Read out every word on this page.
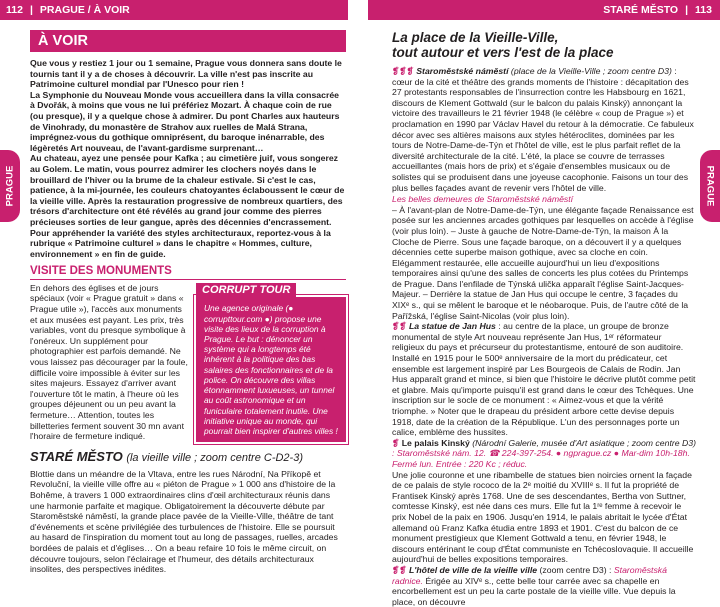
112 | PRAGUE / À VOIR	STARÉ MĚSTO | 113
PRAGUE	PRAGUE
À VOIR

Que vous y restiez 1 jour ou 1 semaine, Prague vous donnera sans doute le tournis tant il y a de choses à découvrir. La ville n'est pas inscrite au Patrimoine culturel mondial par l'Unesco pour rien !

La Symphonie du Nouveau Monde vous accueillera dans la villa consacrée à Dvořák, à moins que vous ne lui préfériez Mozart. À chaque coin de rue (ou presque), il y a quelque chose à admirer. Du pont Charles aux hauteurs de Vinohrady, du monastère de Strahov aux ruelles de Malá Strana, imprégnez-vous du gothique omniprésent, du baroque inénarrable, des légèretés Art nouveau, de l'avant-gardisme surprenant…

Au chateau, ayez une pensée pour Kafka ; au cimetière juif, vous songerez au Golem. Le matin, vous pourrez admirer les clochers noyés dans le brouillard de l'hiver ou la brume de la chaleur estivale. Si c'est le cas, patience, à la mi-journée, les couleurs chatoyantes éclaboussent le cœur de la vieille ville. Après la restauration progressive de nombreux quartiers, des trésors d'architecture ont été révélés au grand jour comme des pierres précieuses sorties de leur gangue, après des décennies d'encrassement. Pour appréhender la variété des styles architecturaux, reportez-vous à la rubrique « Patrimoine culturel » dans le chapitre « Hommes, culture, environnement » en fin de guide.

VISITE DES MONUMENTS
CORRUPT TOUR
Une agence originale (● corrupttour.com ●) propose une visite des lieux de la corruption à Prague. Le but : dénoncer un système qui a longtemps été inhérent à la politique des bas salaires des fonctionnaires et de la police. On découvre des villas étonnamment luxueuses, un tunnel au coût astronomique et un funiculaire totalement inutile. Une initiative unique au monde, qui pourrait bien inspirer d'autres villes !

En dehors des églises et de jours spéciaux (voir « Prague gratuit » dans « Prague utile »), l'accès aux monuments et aux musées est payant. Les prix, très variables, vont du presque symbolique à l'onéreux. Un supplément pour photographier est parfois demandé. Ne vous laissez pas décourager par la foule, difficile voire impossible à éviter sur les sites majeurs. Essayez d'arriver avant l'ouverture tôt le matin, à l'heure où les groupes déjeunent ou un peu avant la fermeture… Attention, toutes les billetteries ferment souvent 30 mn avant l'horaire de fermeture indiqué.

STARÉ MĚSTO (la vieille ville ; zoom centre C-D2-3)

Blottie dans un méandre de la Vltava, entre les rues Národní, Na Příkopě et Revoluční, la vieille ville offre au « piéton de Prague » 1 000 ans d'histoire de la Bohême, à travers 1 000 extraordinaires clins d'œil architecturaux réunis dans une harmonie parfaite et magique. Obligatoirement la découverte débute par Staroměstské náměstí, la grande place pavée de la Vieille-Ville, théâtre de tant d'événements et scène privilégiée des turbulences de l'histoire. Elle se poursuit au hasard de l'inspiration du moment tout au long de passages, ruelles, arcades bordées de palais et d'églises… On a beau refaire 10 fois le même circuit, on découvre toujours, selon l'éclairage et l'humeur, des détails architecturaux insolites, des perspectives inédites.

La place de la Vieille-Ville,
tout autour et vers l'est de la place

❡❡❡ Staroměstské náměstí (place de la Vieille-Ville ; zoom centre D3) : cœur de la cité et théâtre des grands moments de l'histoire : décapitation des 27 protestants responsables de l'insurrection contre les Habsbourg en 1621, discours de Klement Gottwald (sur le balcon du palais Kinský) annonçant la victoire des travailleurs le 21 février 1948 (le célèbre « coup de Prague ») et proclamation en 1990 par Václav Havel du retour à la démocratie. Ce fabuleux décor avec ses altières maisons aux styles hétéroclites, dominées par les tours de Notre-Dame-de-Týn et l'hôtel de ville, est le plus parfait reflet de la diversité architecturale de la cité. L'été, la place se couvre de terrasses accueillantes (mais hors de prix) et s'égaie d'ensembles musicaux ou de solistes qui se produisent dans une joyeuse cacophonie. Faisons un tour des plus belles façades avant de revenir vers l'hôtel de ville.

Les belles demeures de Staroměstské náměstí

– À l'avant-plan de Notre-Dame-de-Týn, une élégante façade Renaissance est posée sur les anciennes arcades gothiques par lesquelles on accède à l'église (voir plus loin). – Juste à gauche de Notre-Dame-de-Týn, la maison À la Cloche de Pierre. Sous une façade baroque, on a découvert il y a quelques décennies cette superbe maison gothique, avec sa cloche en coin. Elégamment restaurée, elle accueille aujourd'hui un lieu d'expositions temporaires ainsi qu'une des salles de concerts les plus cotées du Printemps de Prague. Dans l'enfilade de Týnská ulička apparaît l'église Saint-Jacques-Majeur. – Derrière la statue de Jan Hus qui occupe le centre, 3 façades du XIXᵉ s., qui se mêlent le baroque et le néobaroque. Puis, de l'autre côté de la Pařížská, l'église Saint-Nicolas (voir plus loin).

❡❡ La statue de Jan Hus : au centre de la place, un groupe de bronze monumental de style Art nouveau représente Jan Hus, 1ᵉʳ réformateur religieux du pays et précurseur du protestantisme, entouré de son auditoire. Installé en 1915 pour le 500ᵉ anniversaire de la mort du prédicateur, cet ensemble est largement inspiré par Les Bourgeois de Calais de Rodin. Jan Hus apparaît grand et mince, si bien que l'histoire le décrive plutôt comme petit et glabre. Mais qu'importe puisqu'il est grand dans le cœur des Tchèques. Une inscription sur le socle de ce monument : « Aimez-vous et que la vérité triomphe. » Noter que le drapeau du président arbore cette devise depuis 1918, date de la création de la République. L'un des personnages porte un calice, emblème des hussites.

❡ Le palais Kinský (Národní Galerie, musée d'Art asiatique ; zoom centre D3) : Staroměstské nám. 12. ☎ 224-397-254. ● ngprague.cz ● Mar-dim 10h-18h. Fermé lun. Entrée : 220 Kc ; réduc.

Une jolie couronne et une ribambelle de statues bien noircies ornent la façade de ce palais de style rococo de la 2ᵉ moitié du XVIIIᵉ s. Il fut la propriété de Frantisek Kinský après 1768. Une de ses descendantes, Bertha von Suttner, comtesse Kinský, est née dans ces murs. Elle fut la 1ʳᵉ femme à recevoir le prix Nobel de la paix en 1906. Jusqu'en 1914, le palais abritait le lycée d'État allemand où Franz Kafka étudia entre 1893 et 1901. C'est du balcon de ce monument prestigieux que Klement Gottwald a tenu, en février 1948, le discours entérinant le coup d'État communiste en Tchécoslovaquie. Il accueille aujourd'hui de belles expositions temporaires.

❡❡ L'hôtel de ville de la vieille ville (zoom centre D3) : Staroměstská radnice. Érigée au XIVᵉ s., cette belle tour carrée avec sa chapelle en encorbellement est un peu la carte postale de la vieille ville. Vue depuis la place, on découvre
